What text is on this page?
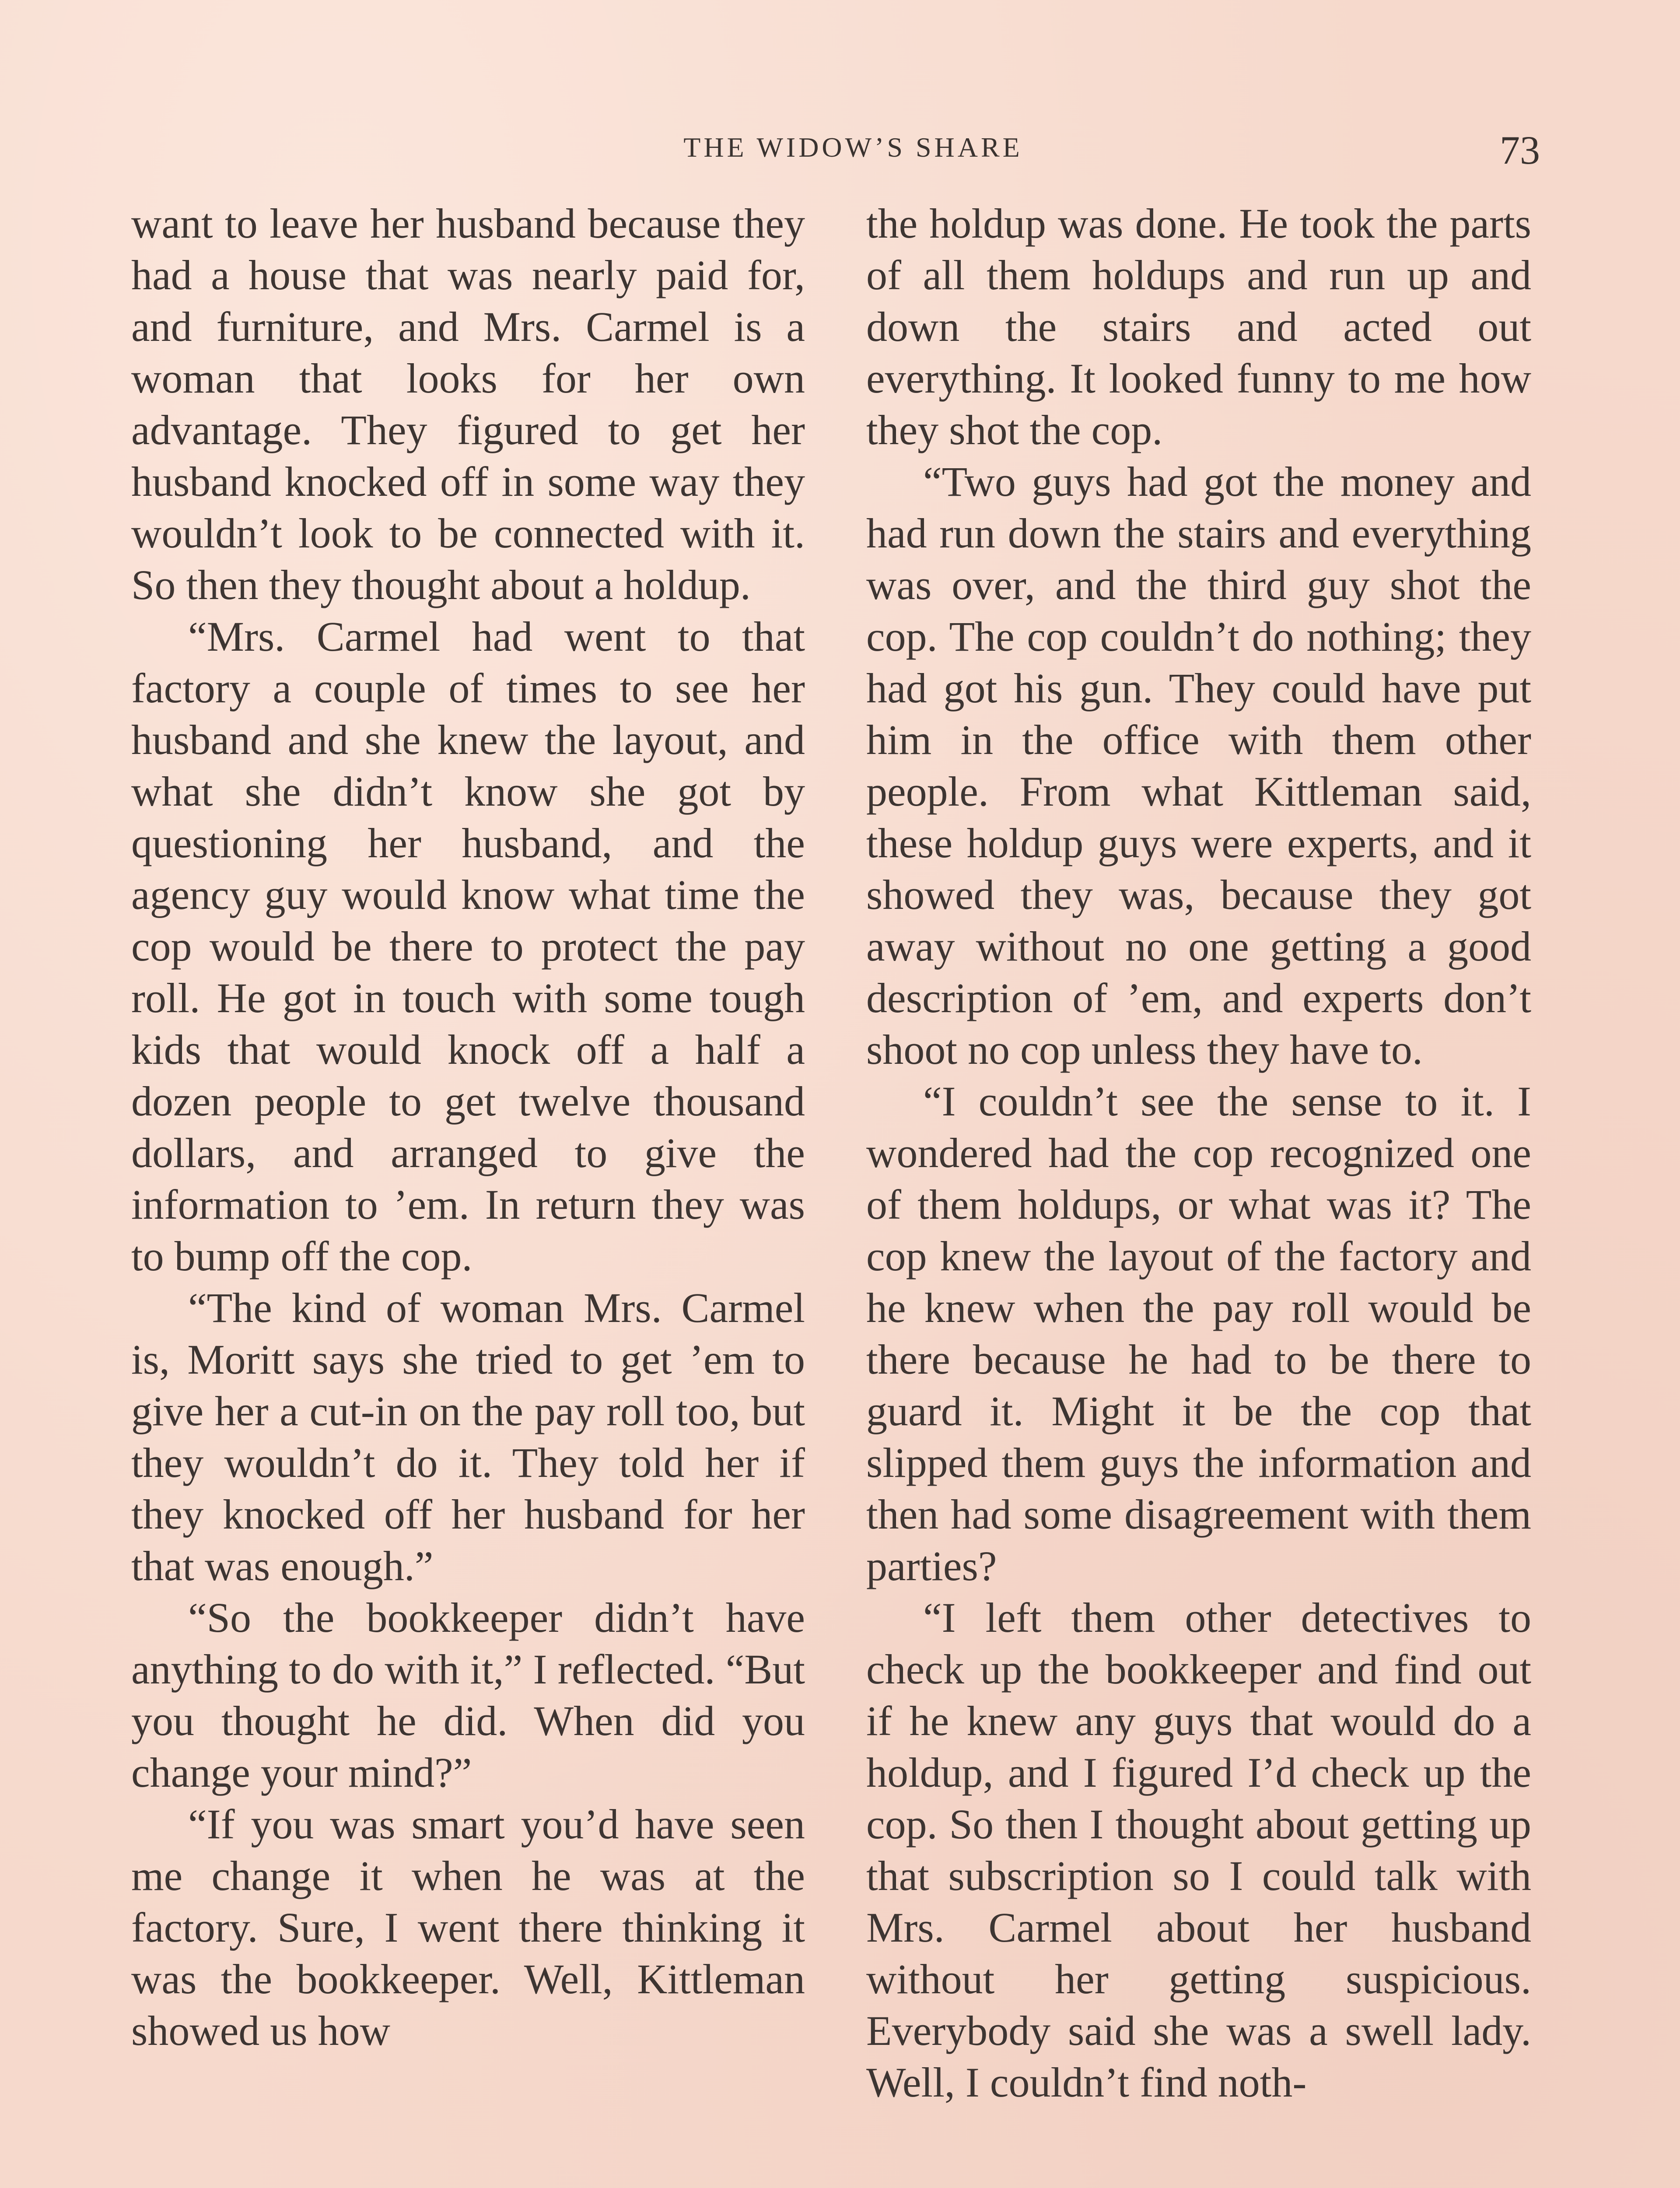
THE WIDOW’S SHARE	73

want to leave her husband because they had a house that was nearly paid for, and furniture, and Mrs. Carmel is a woman that looks for her own advantage. They figured to get her husband knocked off in some way they wouldn’t look to be connected with it. So then they thought about a holdup.

“Mrs. Carmel had went to that factory a couple of times to see her husband and she knew the layout, and what she didn’t know she got by questioning her husband, and the agency guy would know what time the cop would be there to protect the pay roll. He got in touch with some tough kids that would knock off a half a dozen people to get twelve thousand dollars, and arranged to give the information to ’em. In return they was to bump off the cop.

“The kind of woman Mrs. Carmel is, Moritt says she tried to get ’em to give her a cut-in on the pay roll too, but they wouldn’t do it. They told her if they knocked off her husband for her that was enough.”

“So the bookkeeper didn’t have anything to do with it,” I reflected. “But you thought he did. When did you change your mind?”

“If you was smart you’d have seen me change it when he was at the factory. Sure, I went there thinking it was the bookkeeper. Well, Kittleman showed us how

the holdup was done. He took the parts of all them holdups and run up and down the stairs and acted out everything. It looked funny to me how they shot the cop.

“Two guys had got the money and had run down the stairs and everything was over, and the third guy shot the cop. The cop couldn’t do nothing; they had got his gun. They could have put him in the office with them other people. From what Kittleman said, these holdup guys were experts, and it showed they was, because they got away without no one getting a good description of ’em, and experts don’t shoot no cop unless they have to.

“I couldn’t see the sense to it. I wondered had the cop recognized one of them holdups, or what was it? The cop knew the layout of the factory and he knew when the pay roll would be there because he had to be there to guard it. Might it be the cop that slipped them guys the information and then had some disagreement with them parties?

“I left them other detectives to check up the bookkeeper and find out if he knew any guys that would do a holdup, and I figured I’d check up the cop. So then I thought about getting up that subscription so I could talk with Mrs. Carmel about her husband without her getting suspicious. Everybody said she was a swell lady. Well, I couldn’t find noth-
